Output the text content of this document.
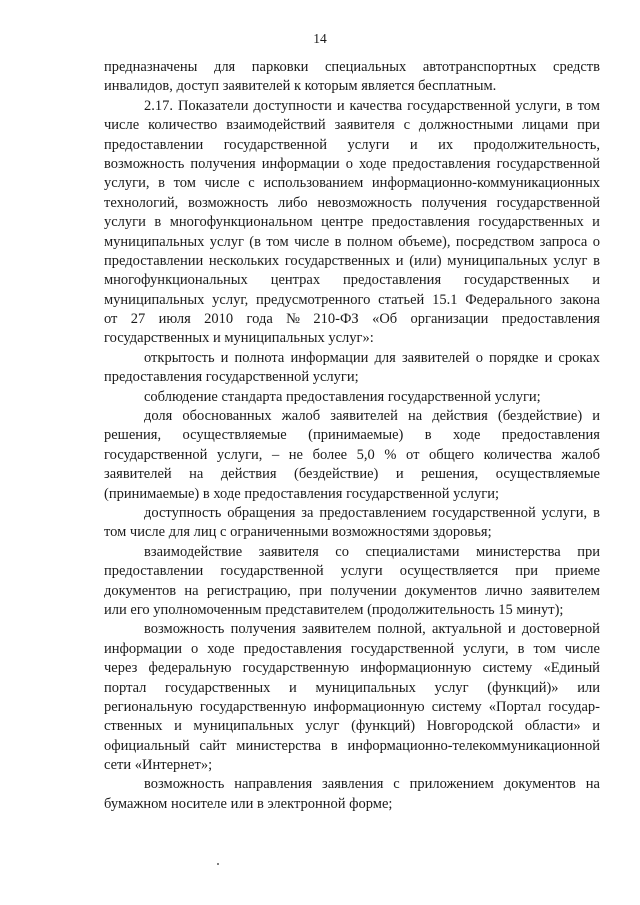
14
предназначены для парковки специальных автотранспортных средств
инвалидов, доступ заявителей к которым является бесплатным.
2.17. Показатели доступности и качества государственной услуги, в том
числе количество взаимодействий заявителя с должностными лицами при
предоставлении государственной услуги и их продолжительность,
возможность получения информации о ходе предоставления государственной
услуги, в том числе с использованием информационно-коммуникационных
технологий, возможность либо невозможность получения государственной
услуги в многофункциональном центре предоставления государственных и
муниципальных услуг (в том числе в полном объеме), посредством запроса о
предоставлении нескольких государственных и (или) муниципальных услуг в
многофункциональных центрах предоставления государственных и
муниципальных услуг, предусмотренного статьей 15.1 Федерального закона
от 27 июля 2010 года № 210-ФЗ «Об организации предоставления
государственных и муниципальных услуг»:
открытость и полнота информации для заявителей о порядке и сроках
предоставления государственной услуги;
соблюдение стандарта предоставления государственной услуги;
доля обоснованных жалоб заявителей на действия (бездействие) и
решения, осуществляемые (принимаемые) в ходе предоставления
государственной услуги, – не более 5,0 % от общего количества жалоб
заявителей на действия (бездействие) и решения, осуществляемые
(принимаемые) в ходе предоставления государственной услуги;
доступность обращения за предоставлением государственной услуги, в
том числе для лиц с ограниченными возможностями здоровья;
взаимодействие заявителя со специалистами министерства при
предоставлении государственной услуги осуществляется при приеме
документов на регистрацию, при получении документов лично заявителем
или его уполномоченным представителем (продолжительность 15 минут);
возможность получения заявителем полной, актуальной и достоверной
информации о ходе предоставления государственной услуги, в том числе
через федеральную государственную информационную систему «Единый
портал государственных и муниципальных услуг (функций)» или
региональную государственную информационную систему «Портал государ-
ственных и муниципальных услуг (функций) Новгородской области» и
официальный сайт министерства в информационно-телекоммуникационной
сети «Интернет»;
возможность направления заявления с приложением документов на
бумажном носителе или в электронной форме;
